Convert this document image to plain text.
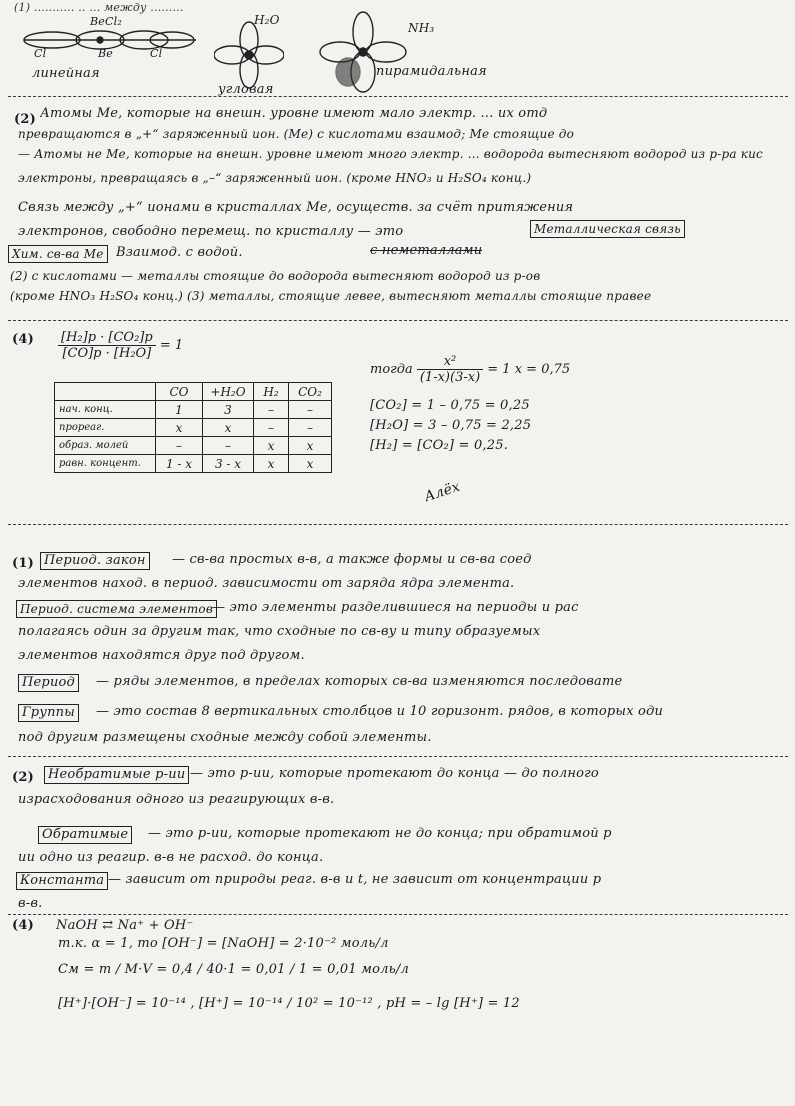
(1) ........... .. ... между .........
BeCl₂
Cl	Be	Cl
линейная
H₂O
угловая
NH₃
пирамидальная
(2) Атомы Ме, которые на внешн. уровне имеют мало электр. ... их отд
превращаются в „+“ заряженный ион. (Ме) с кислотами взаимод; Ме стоящие до
— Атомы не Ме, которые на внешн. уровне имеют много электр. ... водорода вытесняют водород из р-ра кис
электроны, превращаясь в „–“ заряженный ион. (кроме HNO₃ и H₂SO₄ конц.)
Связь между „+“ ионами в кристаллах Ме, осуществ. за счёт притяжения
электронов, свободно перемещ. по кристаллу — это	Металлическая связь
Хим. св-ва Ме Взаимод. с водой.	с неметаллами
(2) с кислотами — металлы стоящие до водорода вытесняют водород из р-ов
(кроме HNO₃ H₂SO₄ конц.) (3) металлы, стоящие левее, вытесняют металлы стоящие правее
$(4) \frac{\text{[H₂]р · [CO₂]р}}{\text{[CO]р · [H₂O]}} = 1$
	CO	+H₂O	H₂	CO₂
нач. конц.	1	3	–	–
прореаг.	x	x	–	–
образ. молей	–	–	x	x
равн. концент.	1 - x	3 - x	x	x
тогда $\frac{\text{x²}}{(1-x)(3-x)} = 1$ x = 0,75
[CO₂] = 1 – 0,75 = 0,25
[H₂O] = 3 – 0,75 = 2,25
[H₂] = [CO₂] = 0,25.
Алёх
(1) Период. закон	— св-ва простых в-в, а также формы и св-ва соед
элементов наход. в период. зависимости от заряда ядра элемента.
Период. система элементов
— это элементы разделившиеся на периоды и рас
полагаясь один за другим так, что сходные по св-ву и типу образуемых
элементов находятся друг под другом.
Период	— ряды элементов, в пределах которых св-ва изменяются последовате
Группы	— это состав 8 вертикальных столбцов и 10 горизонт. рядов, в которых оди
под другим размещены сходные между собой элементы.
(2)	Необратимые р-ии — это р-ии, которые протекают до конца — до полного
израсходования одного из реагирующих в-в.
Обратимые	— это р-ии, которые протекают не до конца; при обратимой р
ии одно из реагир. в-в не расход. до конца.
Константа — зависит от природы реаг. в-в и t, не зависит от концентрации р
в-в.
(4) NaOH ⇄ Na⁺ + OH⁻
т.к. α = 1, то [OH⁻] = [NaOH] = 2·10⁻² моль/л
Cм = m / M·V = 0,4 / 40·1 = 0,01 / 1 = 0,01 моль/л
[H⁺]·[OH⁻] = 10⁻¹⁴ , [H⁺] = 10⁻¹⁴ / 10² = 10⁻¹² , pH = – lg [H⁺] = 12
